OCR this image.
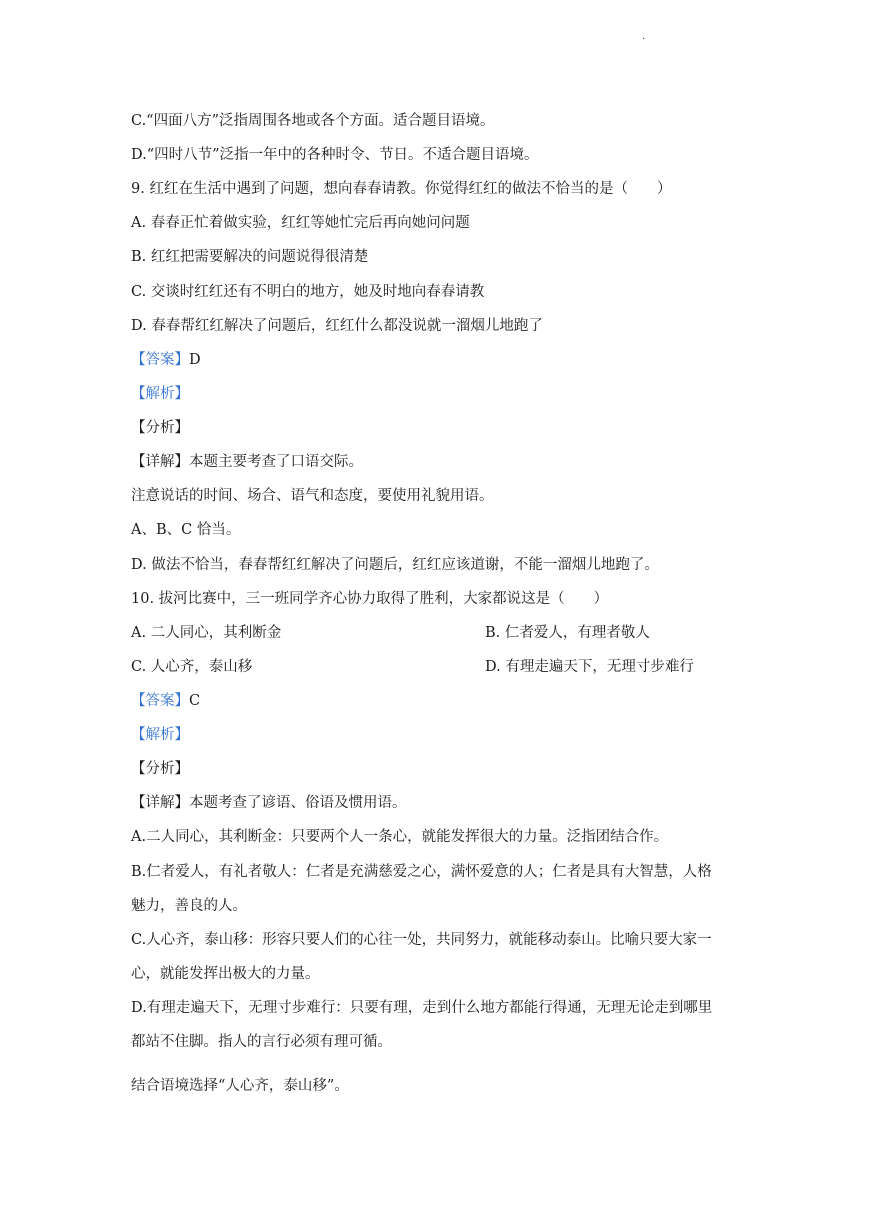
·
C.“四面八方”泛指周围各地或各个方面。适合题目语境。
D.“四时八节”泛指一年中的各种时令、节日。不适合题目语境。
9. 红红在生活中遇到了问题，想向春春请教。你觉得红红的做法不恰当的是（　　）
A. 春春正忙着做实验，红红等她忙完后再向她问问题
B. 红红把需要解决的问题说得很清楚
C. 交谈时红红还有不明白的地方，她及时地向春春请教
D. 春春帮红红解决了问题后，红红什么都没说就一溜烟儿地跑了
【答案】D
【解析】
【分析】
【详解】本题主要考查了口语交际。
注意说话的时间、场合、语气和态度，要使用礼貌用语。
A、B、C 恰当。
D. 做法不恰当，春春帮红红解决了问题后，红红应该道谢，不能一溜烟儿地跑了。
10. 拔河比赛中，三一班同学齐心协力取得了胜利，大家都说这是（　　）
A. 二人同心，其利断金	B. 仁者爱人，有理者敬人
C. 人心齐，泰山移	D. 有理走遍天下，无理寸步难行
【答案】C
【解析】
【分析】
【详解】本题考查了谚语、俗语及惯用语。
A.二人同心，其利断金：只要两个人一条心，就能发挥很大的力量。泛指团结合作。
B.仁者爱人，有礼者敬人：仁者是充满慈爱之心，满怀爱意的人；仁者是具有大智慧，人格
魅力，善良的人。
C.人心齐，泰山移：形容只要人们的心往一处，共同努力，就能移动泰山。比喻只要大家一
心，就能发挥出极大的力量。
D.有理走遍天下，无理寸步难行：只要有理，走到什么地方都能行得通，无理无论走到哪里
都站不住脚。指人的言行必须有理可循。
结合语境选择“人心齐，泰山移”。
